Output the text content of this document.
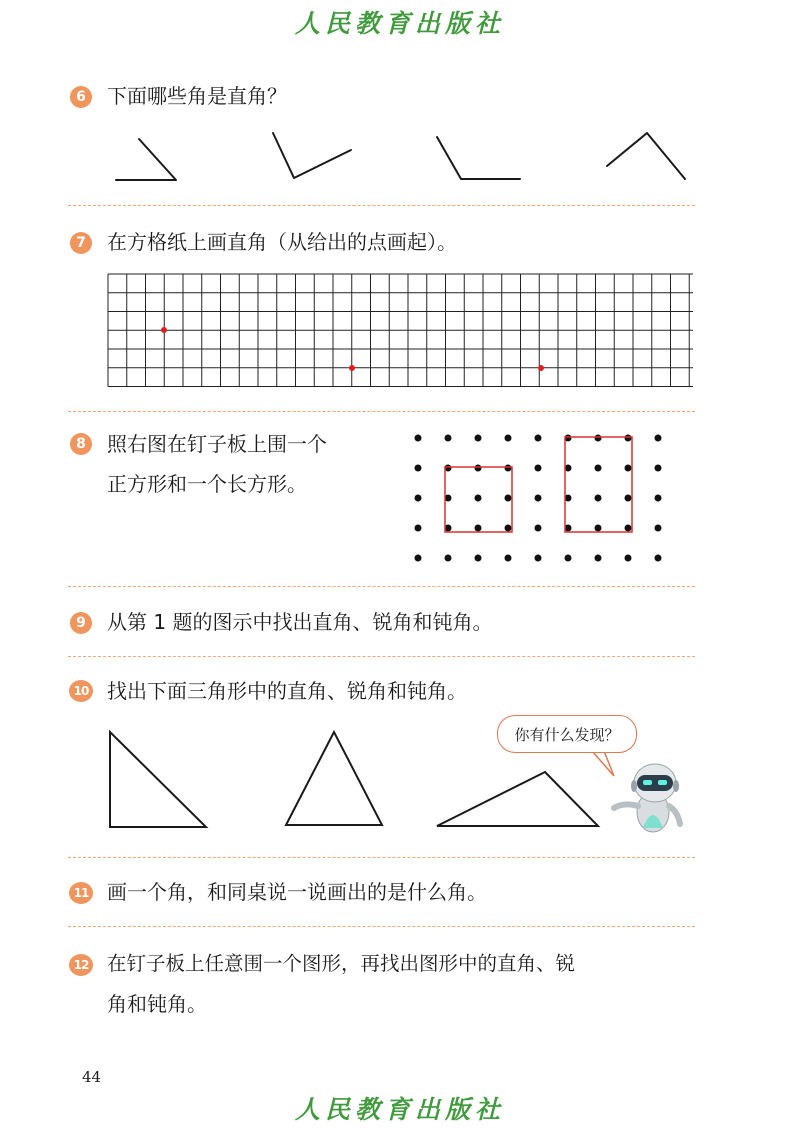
人民教育出版社
6	下面哪些角是直角？
7	在方格纸上画直角（从给出的点画起）。
8	照右图在钉子板上围一个
正方形和一个长方形。
9	从第 1 题的图示中找出直角、锐角和钝角。
10 找出下面三角形中的直角、锐角和钝角。
你有什么发现？
11 画一个角，和同桌说一说画出的是什么角。
12 在钉子板上任意围一个图形，再找出图形中的直角、锐
角和钝角。
44
人民教育出版社
